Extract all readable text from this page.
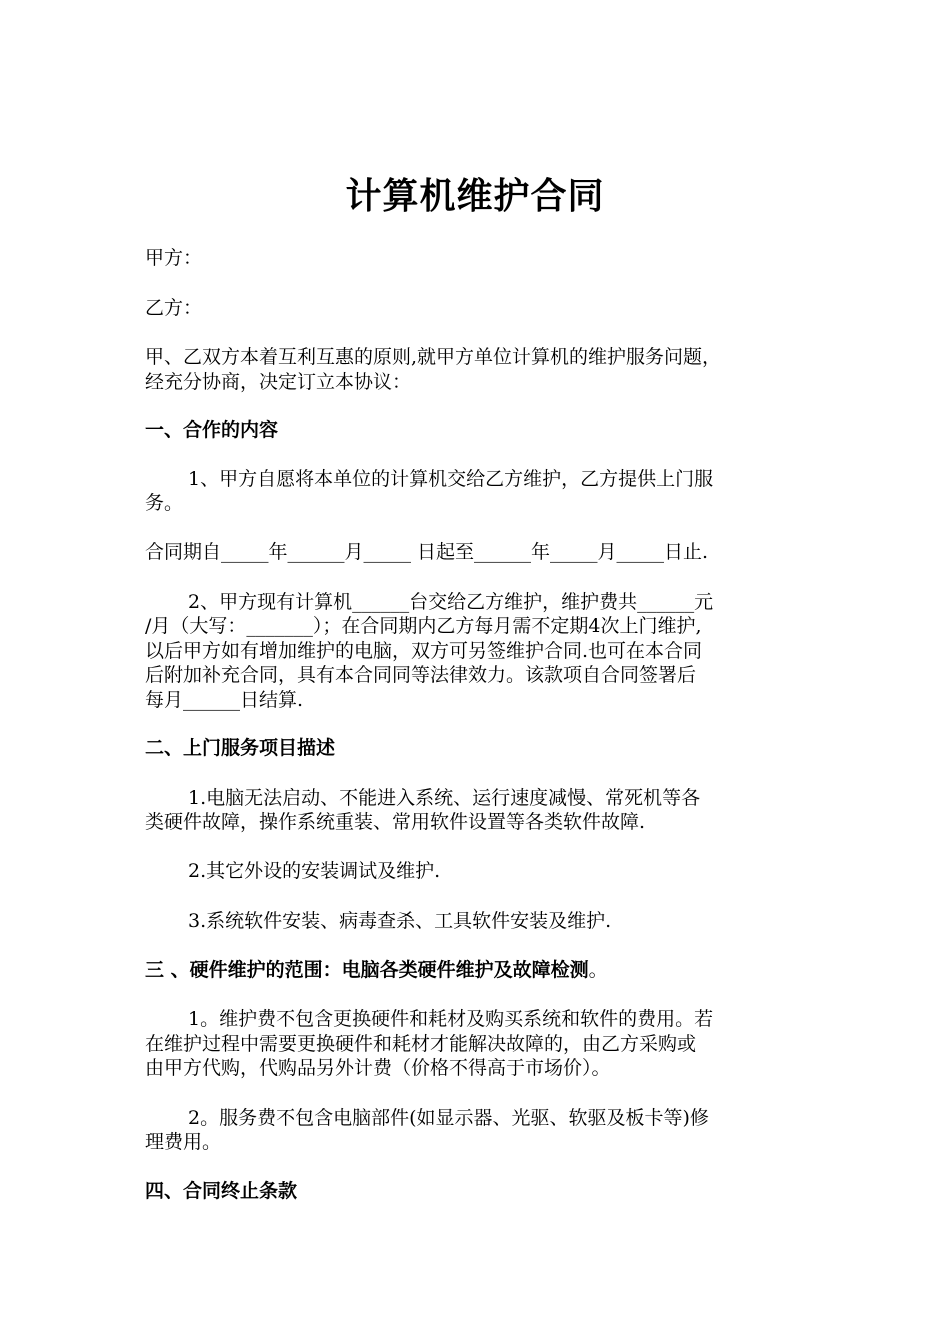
计算机维护合同
甲方：
乙方：
甲、乙双方本着互利互惠的原则,就甲方单位计算机的维护服务问题，
经充分协商，决定订立本协议：
一、合作的内容
1、甲方自愿将本单位的计算机交给乙方维护，乙方提供上门服
务。
合同期自_____年______月_____ 日起至______年_____月_____日止.
2、甲方现有计算机______台交给乙方维护，维护费共______元
/月（大写：_______）；在合同期内乙方每月需不定期4次上门维护,
以后甲方如有增加维护的电脑，双方可另签维护合同.也可在本合同
后附加补充合同，具有本合同同等法律效力。该款项自合同签署后
每月______日结算.
二、上门服务项目描述
1.电脑无法启动、不能进入系统、运行速度减慢、常死机等各
类硬件故障，操作系统重装、常用软件设置等各类软件故障.
2.其它外设的安装调试及维护.
3.系统软件安装、病毒查杀、工具软件安装及维护.
三 、硬件维护的范围：电脑各类硬件维护及故障检测。
1。维护费不包含更换硬件和耗材及购买系统和软件的费用。若
在维护过程中需要更换硬件和耗材才能解决故障的，由乙方采购或
由甲方代购，代购品另外计费（价格不得高于市场价）。
2。服务费不包含电脑部件(如显示器、光驱、软驱及板卡等)修
理费用。
四、合同终止条款
